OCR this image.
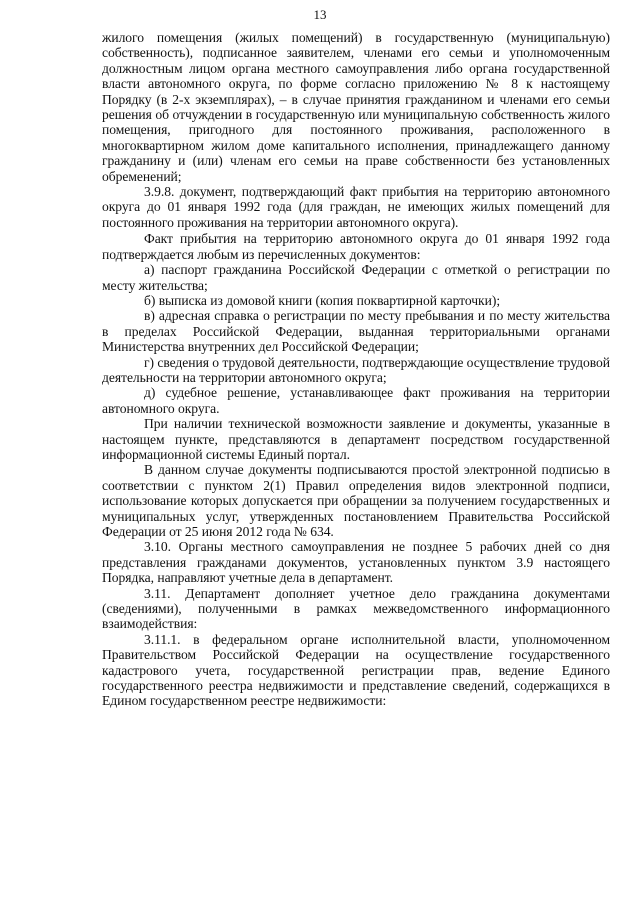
13

жилого помещения (жилых помещений) в государственную (муниципальную) собственность), подписанное заявителем, членами его семьи и уполномоченным должностным лицом органа местного самоуправления либо органа государственной власти автономного округа, по форме согласно приложению № 8 к настоящему Порядку (в 2-х экземплярах), – в случае принятия гражданином и членами его семьи решения об отчуждении в государственную или муниципальную собственность жилого помещения, пригодного для постоянного проживания, расположенного в многоквартирном жилом доме капитального исполнения, принадлежащего данному гражданину и (или) членам его семьи на праве собственности без установленных обременений;

3.9.8. документ, подтверждающий факт прибытия на территорию автономного округа до 01 января 1992 года (для граждан, не имеющих жилых помещений для постоянного проживания на территории автономного округа).

Факт прибытия на территорию автономного округа до 01 января 1992 года подтверждается любым из перечисленных документов:

а) паспорт гражданина Российской Федерации с отметкой о регистрации по месту жительства;

б) выписка из домовой книги (копия поквартирной карточки);

в) адресная справка о регистрации по месту пребывания и по месту жительства в пределах Российской Федерации, выданная территориальными органами Министерства внутренних дел Российской Федерации;

г) сведения о трудовой деятельности, подтверждающие осуществление трудовой деятельности на территории автономного округа;

д) судебное решение, устанавливающее факт проживания на территории автономного округа.

При наличии технической возможности заявление и документы, указанные в настоящем пункте, представляются в департамент посредством государственной информационной системы Единый портал.

В данном случае документы подписываются простой электронной подписью в соответствии с пунктом 2(1) Правил определения видов электронной подписи, использование которых допускается при обращении за получением государственных и муниципальных услуг, утвержденных постановлением Правительства Российской Федерации от 25 июня 2012 года № 634.

3.10. Органы местного самоуправления не позднее 5 рабочих дней со дня представления гражданами документов, установленных пунктом 3.9 настоящего Порядка, направляют учетные дела в департамент.

3.11. Департамент дополняет учетное дело гражданина документами (сведениями), полученными в рамках межведомственного информационного взаимодействия:

3.11.1. в федеральном органе исполнительной власти, уполномоченном Правительством Российской Федерации на осуществление государственного кадастрового учета, государственной регистрации прав, ведение Единого государственного реестра недвижимости и представление сведений, содержащихся в Едином государственном реестре недвижимости:
